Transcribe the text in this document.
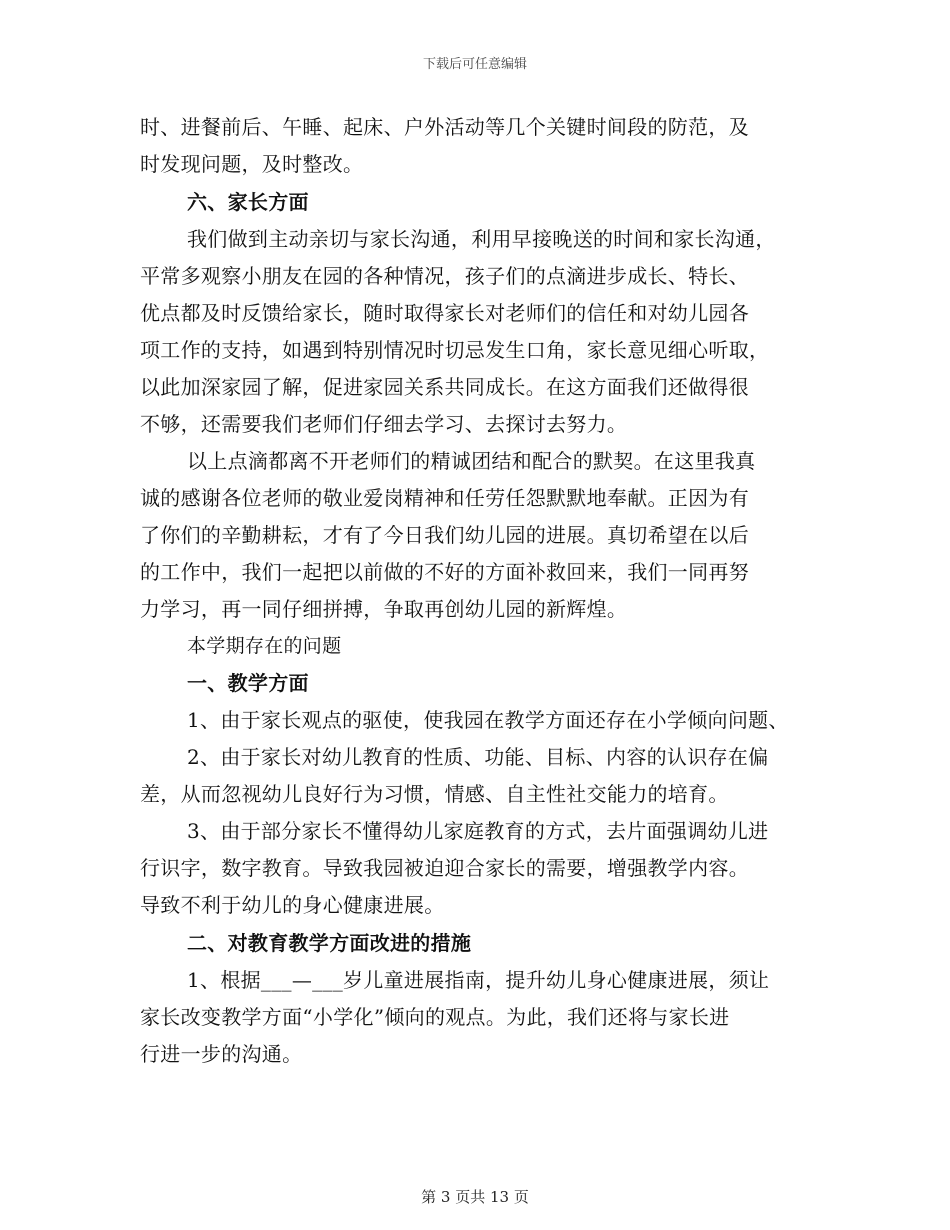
下载后可任意编辑
时、进餐前后、午睡、起床、户外活动等几个关键时间段的防范，及
时发现问题，及时整改。
六、家长方面
我们做到主动亲切与家长沟通，利用早接晚送的时间和家长沟通，
平常多观察小朋友在园的各种情况，孩子们的点滴进步成长、特长、
优点都及时反馈给家长，随时取得家长对老师们的信任和对幼儿园各
项工作的支持，如遇到特别情况时切忌发生口角，家长意见细心听取，
以此加深家园了解，促进家园关系共同成长。在这方面我们还做得很
不够，还需要我们老师们仔细去学习、去探讨去努力。
以上点滴都离不开老师们的精诚团结和配合的默契。在这里我真
诚的感谢各位老师的敬业爱岗精神和任劳任怨默默地奉献。正因为有
了你们的辛勤耕耘，才有了今日我们幼儿园的进展。真切希望在以后
的工作中，我们一起把以前做的不好的方面补救回来，我们一同再努
力学习，再一同仔细拼搏，争取再创幼儿园的新辉煌。
本学期存在的问题
一、教学方面
1、由于家长观点的驱使，使我园在教学方面还存在小学倾向问题、
2、由于家长对幼儿教育的性质、功能、目标、内容的认识存在偏
差，从而忽视幼儿良好行为习惯，情感、自主性社交能力的培育。
3、由于部分家长不懂得幼儿家庭教育的方式，去片面强调幼儿进
行识字，数字教育。导致我园被迫迎合家长的需要，增强教学内容。
导致不利于幼儿的身心健康进展。
二、对教育教学方面改进的措施
1、根据___—___岁儿童进展指南，提升幼儿身心健康进展，须让
家长改变教学方面“小学化”倾向的观点。为此，我们还将与家长进
行进一步的沟通。
第 3 页共 13 页
